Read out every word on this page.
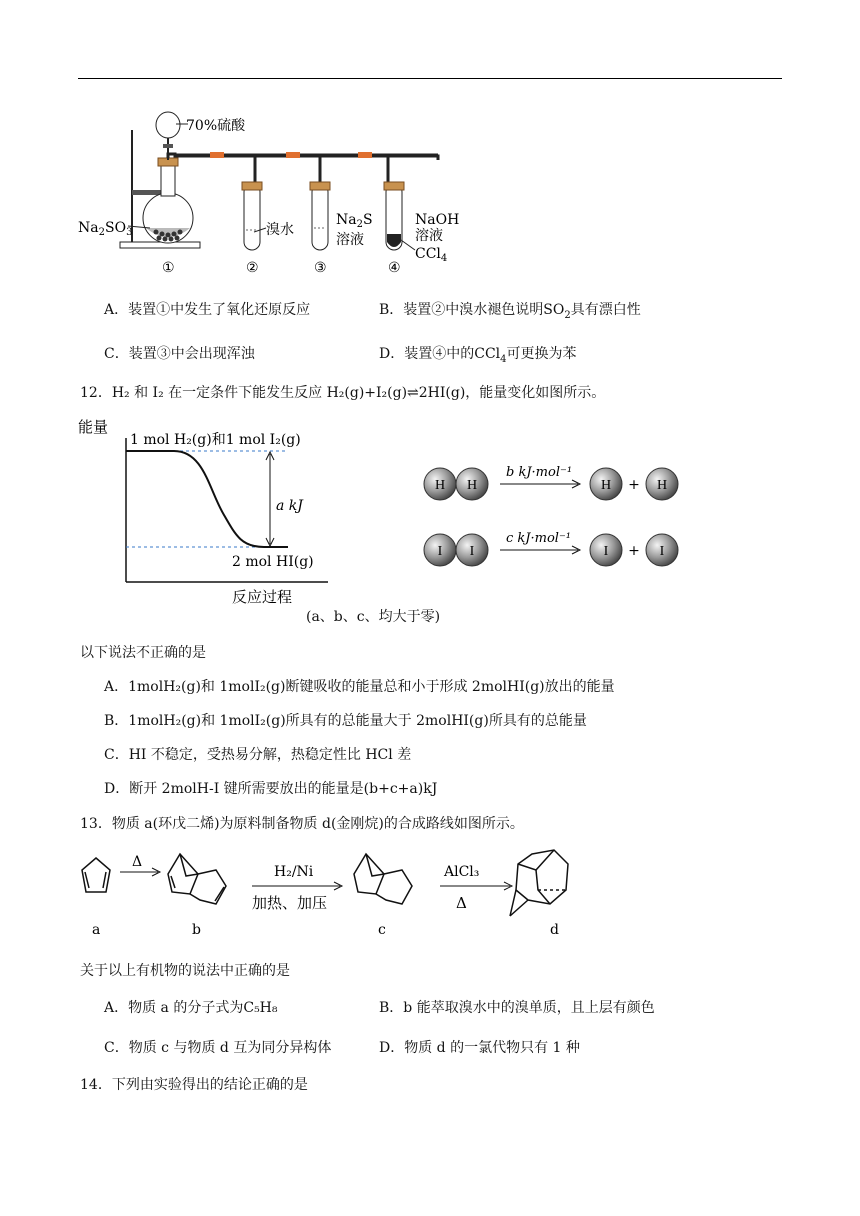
70%硫酸
$Na_2SO_3$	溴水
$Na_2S$
溶液
NaOH
溶液
CCl$_4$
①	②	③	④
A．装置①中发生了氧化还原反应	B．装置②中溴水褪色说明$SO_2$具有漂白性
C．装置③中会出现浑浊	D．装置④中的CCl$_4$可更换为苯
12．H₂ 和 I₂ 在一定条件下能发生反应 H₂(g)+I₂(g)⇌2HI(g)，能量变化如图所示。
能量
1 mol H₂(g)和1 mol I₂(g)
a kJ
2 mol HI(g)
反应过程
H H
b kJ·mol⁻¹
H + H
I I
c kJ·mol⁻¹
I + I
(a、b、c、均大于零)
以下说法不正确的是
A．1molH₂(g)和 1molI₂(g)断键吸收的能量总和小于形成 2molHI(g)放出的能量
B．1molH₂(g)和 1molI₂(g)所具有的总能量大于 2molHI(g)所具有的总能量
C．HI 不稳定，受热易分解，热稳定性比 HCl 差
D．断开 2molH-I 键所需要放出的能量是(b+c+a)kJ
13．物质 a(环戊二烯)为原料制备物质 d(金刚烷)的合成路线如图所示。
a
Δ
b
H₂/Ni
加热、加压
c
AlCl₃
Δ
d
关于以上有机物的说法中正确的是
A．物质 a 的分子式为C₅H₈	B．b 能萃取溴水中的溴单质，且上层有颜色
C．物质 c 与物质 d 互为同分异构体	D．物质 d 的一氯代物只有 1 种
14．下列由实验得出的结论正确的是
